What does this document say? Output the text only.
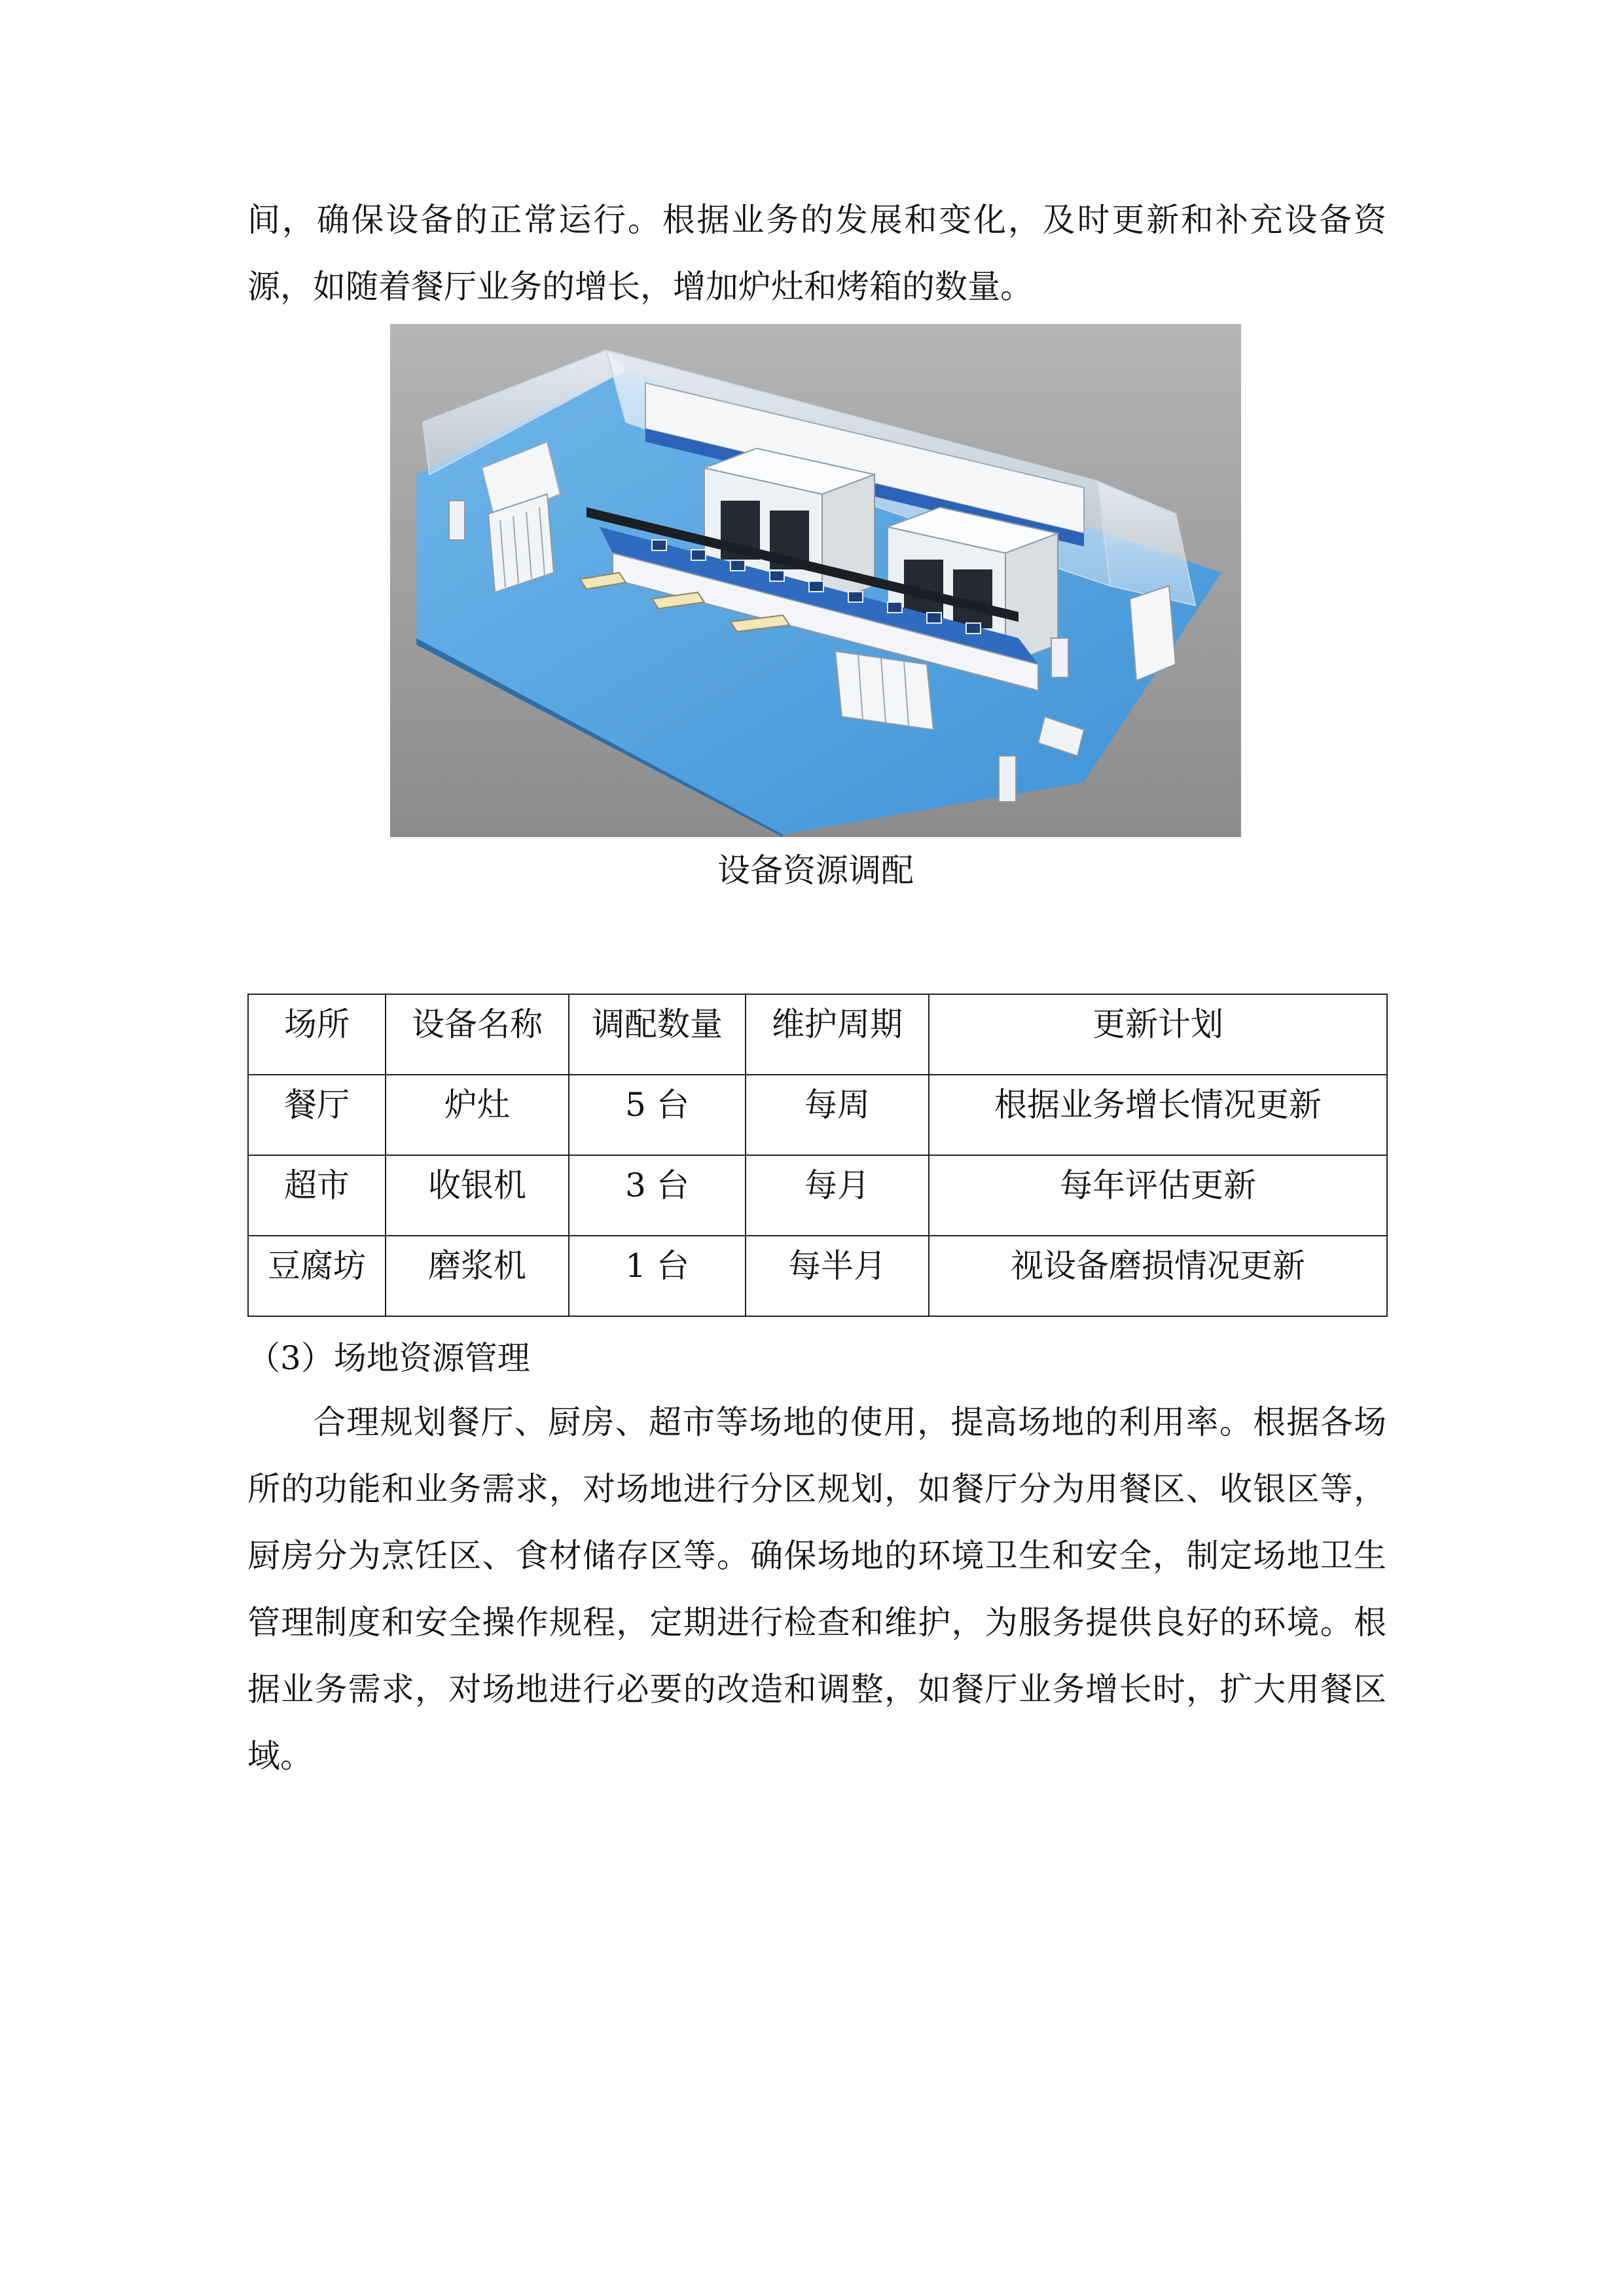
间，确保设备的正常运行。根据业务的发展和变化，及时更新和补充设备资源，如随着餐厅业务的增长，增加炉灶和烤箱的数量。

设备资源调配
场所	设备名称	调配数量	维护周期	更新计划
餐厅	炉灶	5 台	每周	根据业务增长情况更新
超市	收银机	3 台	每月	每年评估更新
豆腐坊	磨浆机	1 台	每半月	视设备磨损情况更新

（3）场地资源管理

合理规划餐厅、厨房、超市等场地的使用，提高场地的利用率。根据各场所的功能和业务需求，对场地进行分区规划，如餐厅分为用餐区、收银区等，厨房分为烹饪区、食材储存区等。确保场地的环境卫生和安全，制定场地卫生管理制度和安全操作规程，定期进行检查和维护，为服务提供良好的环境。根据业务需求，对场地进行必要的改造和调整，如餐厅业务增长时，扩大用餐区域。
